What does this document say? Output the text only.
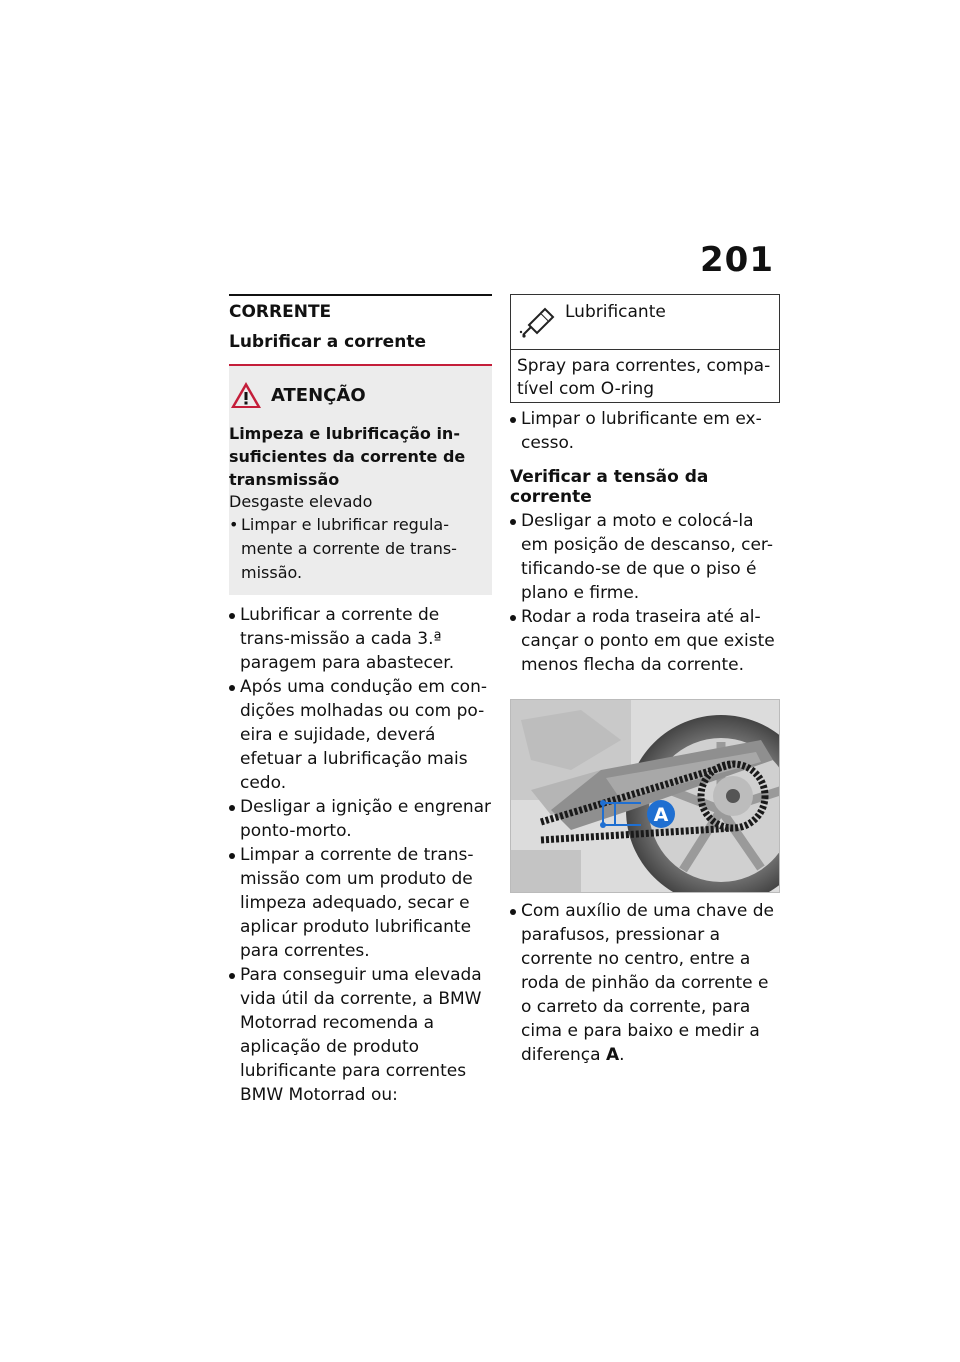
201
CORRENTE
Lubrificar a corrente
ATENÇÃO
Limpeza e lubrificação in-suficientes da corrente de transmissão
Desgaste elevado
• Limpar e lubrificar regula-mente a corrente de trans-missão.
Lubrificar a corrente de trans-missão a cada 3.ª paragem para abastecer.
Após uma condução em con-dições molhadas ou com po-eira e sujidade, deverá efetuar a lubrificação mais cedo.
Desligar a ignição e engrenar ponto-morto.
Limpar a corrente de trans-missão com um produto de limpeza adequado, secar e aplicar produto lubrificante para correntes.
Para conseguir uma elevada vida útil da corrente, a BMW Motorrad recomenda a aplicação de produto lubrificante para correntes BMW Motorrad ou:
Lubrificante
Spray para correntes, compa-tível com O-ring
Limpar o lubrificante em ex-cesso.
Verificar a tensão da corrente
Desligar a moto e colocá-la em posição de descanso, cer-tificando-se de que o piso é plano e firme.
Rodar a roda traseira até al-cançar o ponto em que existe menos flecha da corrente.
A
Com auxílio de uma chave de parafusos, pressionar a corrente no centro, entre a roda de pinhão da corrente e o carreto da corrente, para cima e para baixo e medir a diferença A.
